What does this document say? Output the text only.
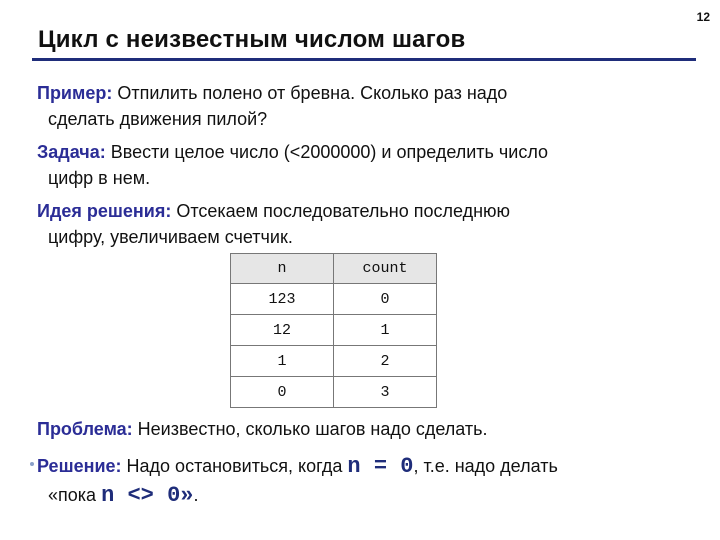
12
Цикл с неизвестным числом шагов
Пример: Отпилить полено от бревна. Сколько раз надо
сделать движения пилой?
Задача: Ввести целое число (<2000000) и определить число
цифр в нем.
Идея решения: Отсекаем последовательно последнюю
цифру, увеличиваем счетчик.
n	count
123	0
12	1
1	2
0	3
Проблема: Неизвестно, сколько шагов надо сделать.
Решение: Надо остановиться, когда n = 0, т.е. надо делать
«пока n <> 0».
